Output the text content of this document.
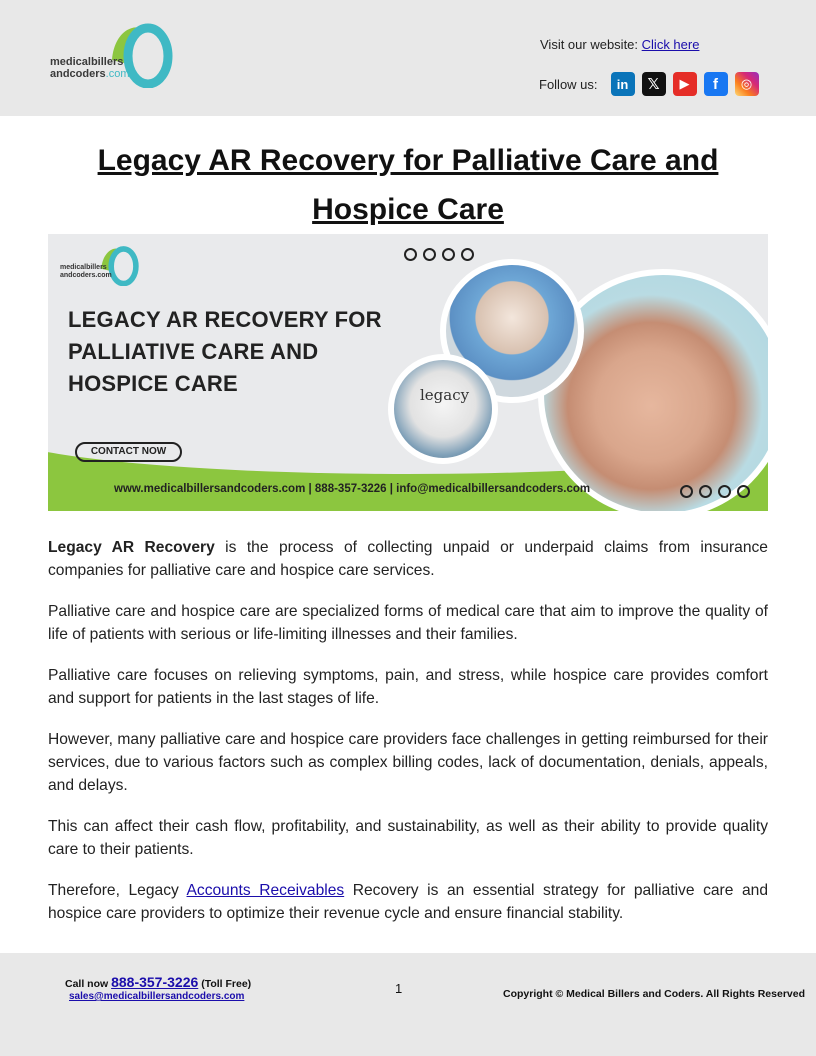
medicalbillers
andcoders.com
Visit our website: Click here
Follow us:	in	𝕏	▶	f	◎
Legacy AR Recovery for Palliative Care and
Hospice Care
medicalbillers
andcoders.com
legacy
LEGACY AR RECOVERY FOR
PALLIATIVE CARE AND
HOSPICE CARE
CONTACT NOW
www.medicalbillersandcoders.com | 888-357-3226 | info@medicalbillersandcoders.com

Legacy AR Recovery is the process of collecting unpaid or underpaid claims from insurance companies for palliative care and hospice care services.

Palliative care and hospice care are specialized forms of medical care that aim to improve the quality of life of patients with serious or life-limiting illnesses and their families.

Palliative care focuses on relieving symptoms, pain, and stress, while hospice care provides comfort and support for patients in the last stages of life.

However, many palliative care and hospice care providers face challenges in getting reimbursed for their services, due to various factors such as complex billing codes, lack of documentation, denials, appeals, and delays.

This can affect their cash flow, profitability, and sustainability, as well as their ability to provide quality care to their patients.

Therefore, Legacy Accounts Receivables Recovery is an essential strategy for palliative care and hospice care providers to optimize their revenue cycle and ensure financial stability.

Call now 888-357-3226 (Toll Free)
sales@medicalbillersandcoders.com
1	Copyright © Medical Billers and Coders. All Rights Reserved
